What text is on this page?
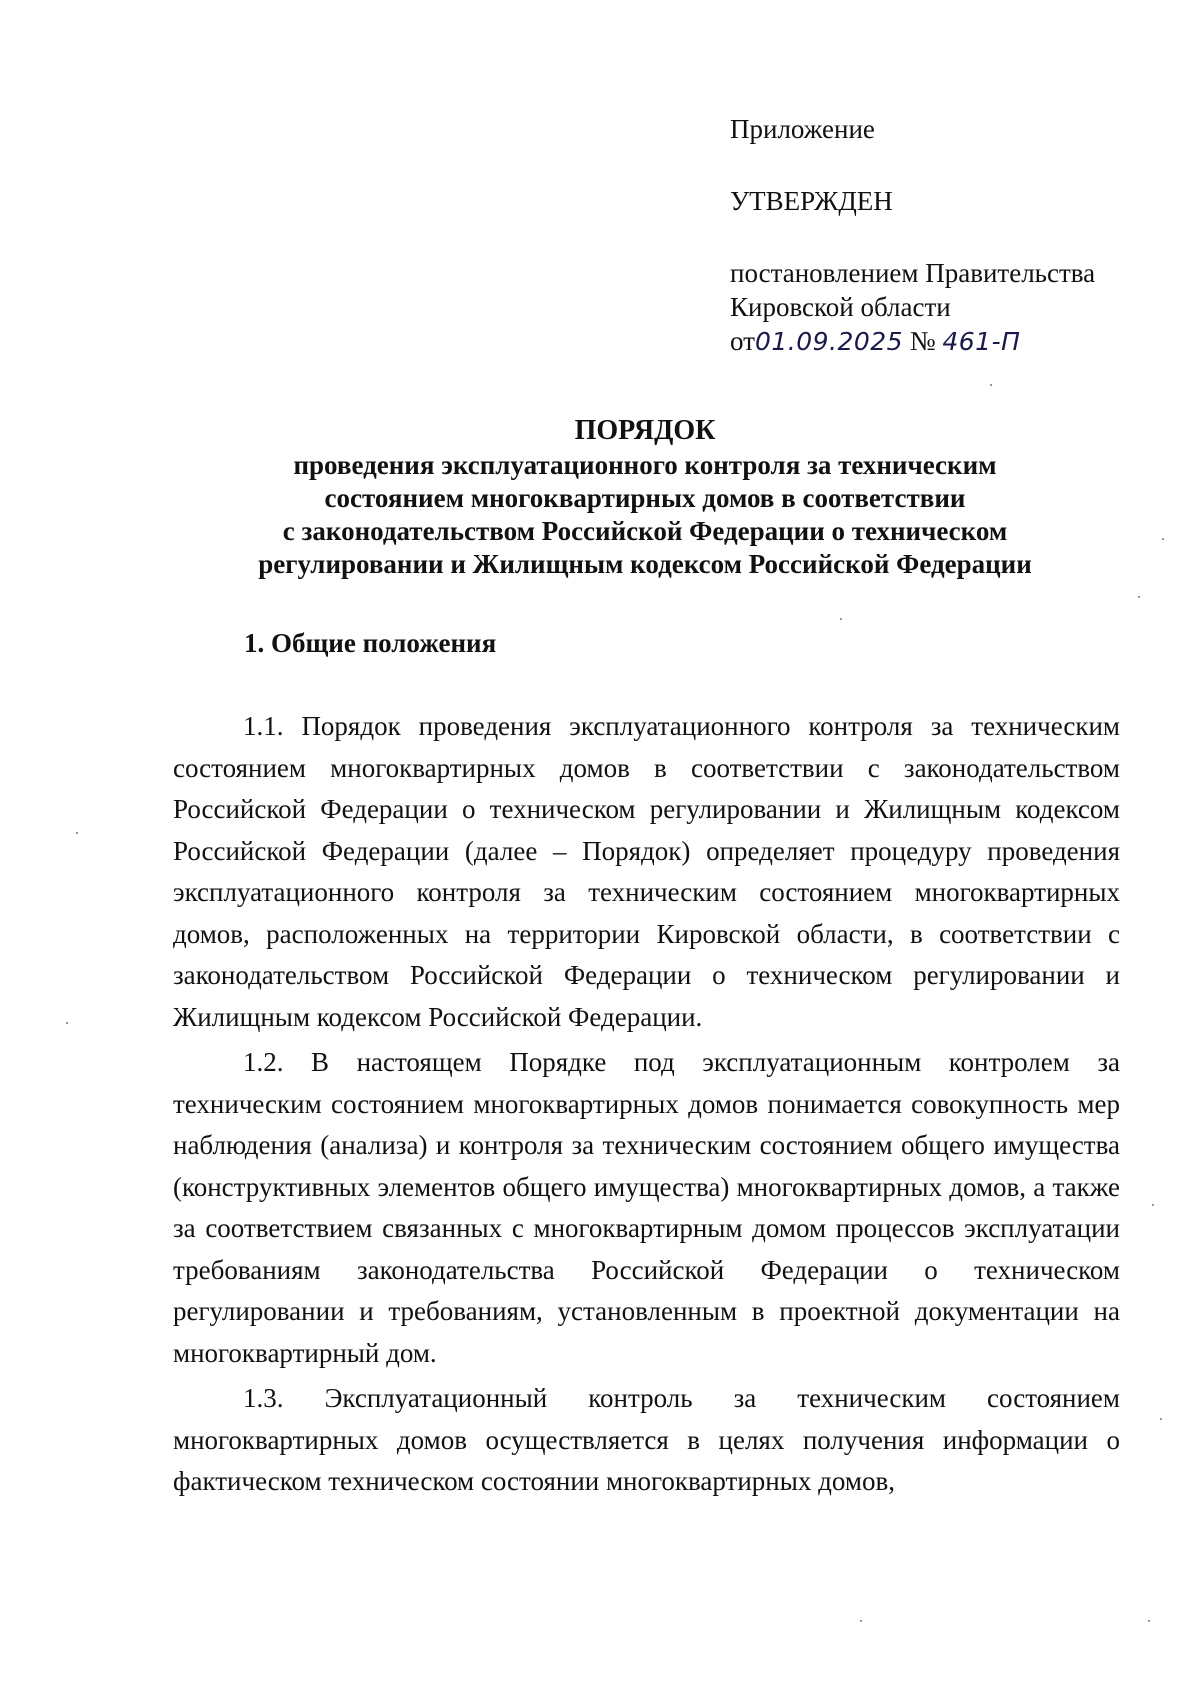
Приложение
УТВЕРЖДЕН
постановлением Правительства
Кировской области
от01.09.2025 № 461-П
ПОРЯДОК
проведения эксплуатационного контроля за техническим
состоянием многоквартирных домов в соответствии
с законодательством Российской Федерации о техническом
регулировании и Жилищным кодексом Российской Федерации
1. Общие положения

1.1. Порядок проведения эксплуатационного контроля за техническим состоянием многоквартирных домов в соответствии с законодательством Российской Федерации о техническом регулировании и Жилищным кодексом Российской Федерации (далее – Порядок) определяет процедуру проведения эксплуатационного контроля за техническим состоянием многоквартирных домов, расположенных на территории Кировской области, в соответствии с законодательством Российской Федерации о техническом регулировании и Жилищным кодексом Российской Федерации.

1.2. В настоящем Порядке под эксплуатационным контролем за техническим состоянием многоквартирных домов понимается совокупность мер наблюдения (анализа) и контроля за техническим состоянием общего имущества (конструктивных элементов общего имущества) многоквартирных домов, а также за соответствием связанных с многоквартирным домом процессов эксплуатации требованиям законодательства Российской Федерации о техническом регулировании и требованиям, установленным в проектной документации на многоквартирный дом.

1.3. Эксплуатационный контроль за техническим состоянием многоквартирных домов осуществляется в целях получения информации о фактическом техническом состоянии многоквартирных домов,
